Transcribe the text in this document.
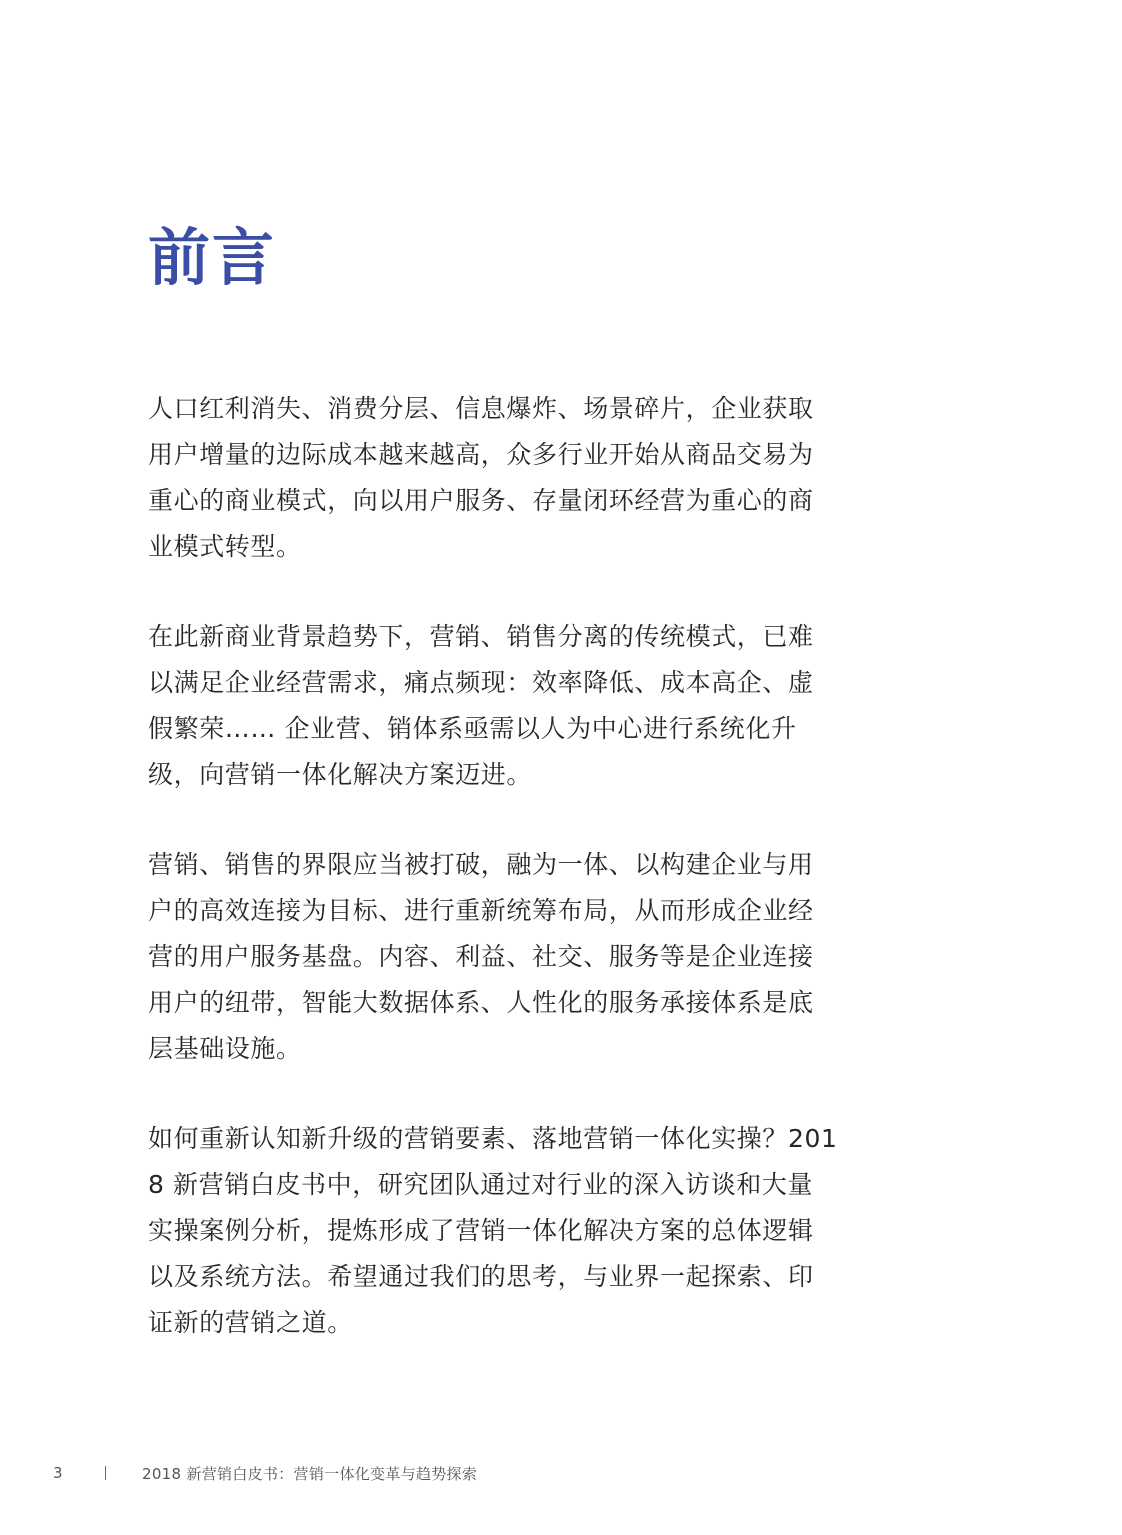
前言

人口红利消失、消费分层、信息爆炸、场景碎片，企业获取用户增量的边际成本越来越高，众多行业开始从商品交易为重心的商业模式，向以用户服务、存量闭环经营为重心的商业模式转型。

在此新商业背景趋势下，营销、销售分离的传统模式，已难以满足企业经营需求，痛点频现：效率降低、成本高企、虚假繁荣…… 企业营、销体系亟需以人为中心进行系统化升级，向营销一体化解决方案迈进。

营销、销售的界限应当被打破，融为一体、以构建企业与用户的高效连接为目标、进行重新统筹布局，从而形成企业经营的用户服务基盘。内容、利益、社交、服务等是企业连接用户的纽带，智能大数据体系、人性化的服务承接体系是底层基础设施。

如何重新认知新升级的营销要素、落地营销一体化实操？2018 新营销白皮书中，研究团队通过对行业的深入访谈和大量实操案例分析，提炼形成了营销一体化解决方案的总体逻辑以及系统方法。希望通过我们的思考，与业界一起探索、印证新的营销之道。

3	2018 新营销白皮书：营销一体化变革与趋势探索
